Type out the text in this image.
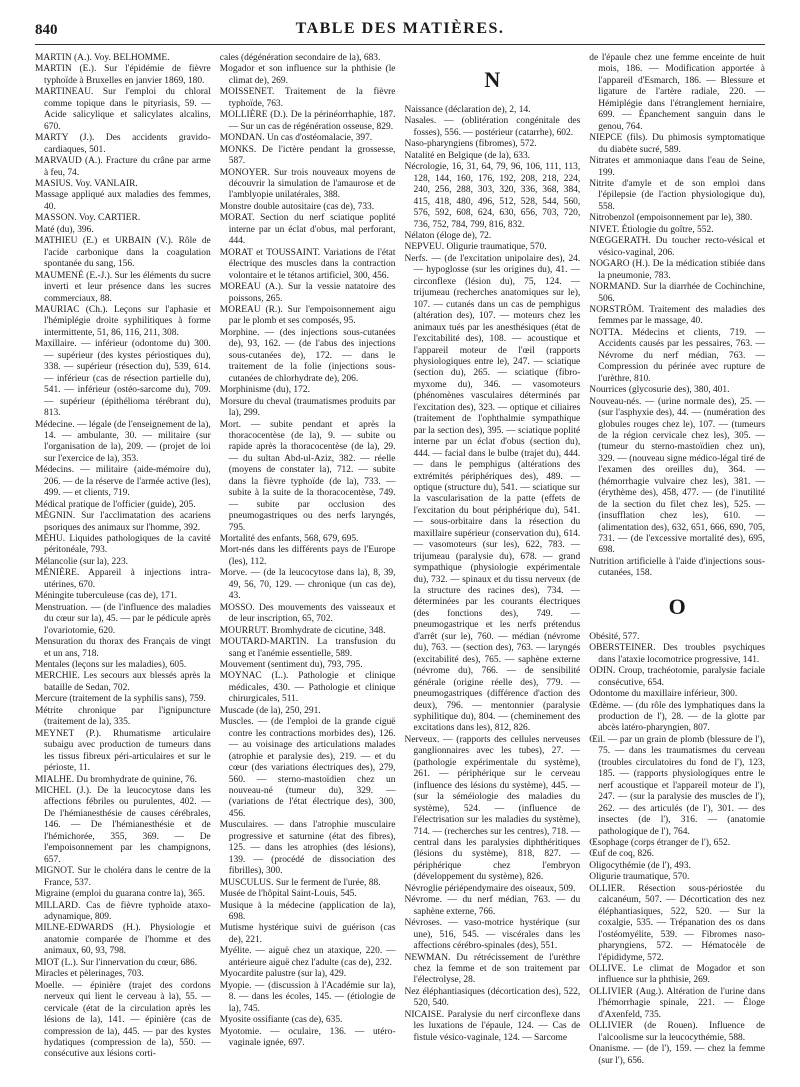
840	TABLE DES MATIÈRES.

MARTIN (A.). Voy. BELHOMME.

MARTIN (E.). Sur l'épidémie de fièvre typhoïde à Bruxelles en janvier 1869, 180.

MARTINEAU. Sur l'emploi du chloral comme topique dans le pityriasis, 59. — Acide salicylique et salicylates alcalins, 670.

MARTY (J.). Des accidents gravido-cardiaques, 501.

MARVAUD (A.). Fracture du crâne par arme à feu, 74.

MASIUS. Voy. VANLAIR.

Massage appliqué aux maladies des femmes, 40.

MASSON. Voy. CARTIER.

Maté (du), 396.

MATHIEU (E.) et URBAIN (V.). Rôle de l'acide carbonique dans la coagulation spontanée du sang, 156.

MAUMENÉ (E.-J.). Sur les éléments du sucre inverti et leur présence dans les sucres commerciaux, 88.

MAURIAC (Ch.). Leçons sur l'aphasie et l'hémiplégie droite syphilitiques à forme intermittente, 51, 86, 116, 211, 308.

Maxillaire. — inférieur (odontome du) 300. — supérieur (des kystes périostiques du), 338. — supérieur (résection du), 539, 614. — inférieur (cas de résection partielle du), 541. — inférieur (ostéo-sarcome du), 709. — supérieur (épithélioma térébrant du), 813.

Médecine. — légale (de l'enseignement de la), 14. — ambulante, 30. — militaire (sur l'organisation de la), 209. — (projet de loi sur l'exercice de la), 353.

Médecins. — militaire (aide-mémoire du), 206. — de la réserve de l'armée active (les), 499. — et clients, 719.

Médical pratique de l'officier (guide), 205.

MÉGNIN. Sur l'acclimatation des acariens psoriques des animaux sur l'homme, 392.

MÉHU. Liquides pathologiques de la cavité péritonéale, 793.

Mélancolie (sur la), 223.

MÉNIÈRE. Appareil à injections intra-utérines, 670.

Méningite tuberculeuse (cas de), 171.

Menstruation. — (de l'influence des maladies du cœur sur la), 45. — par le pédicule après l'ovariotomie, 620.

Mensuration du thorax des Français de vingt et un ans, 718.

Mentales (leçons sur les maladies), 605.

MERCHIE. Les secours aux blessés après la bataille de Sedan, 702.

Mercure (traitement de la syphilis sans), 759.

Métrite chronique par l'ignipuncture (traitement de la), 335.

MEYNET (P.). Rhumatisme articulaire subaigu avec production de tumeurs dans les tissus fibreux péri-articulaires et sur le périoste, 11.

MIALHE. Du bromhydrate de quinine, 76.

MICHEL (J.). De la leucocytose dans les affections fébriles ou purulentes, 402. — De l'hémianesthésie de causes cérébrales, 146. — De l'hémianesthésie et de l'hémichorée, 355, 369. — De l'empoisonnement par les champignons, 657.

MIGNOT. Sur le choléra dans le centre de la France, 537.

Migraine (emploi du guarana contre la), 365.

MILLARD. Cas de fièvre typhoïde ataxo-adynamique, 809.

MILNE-EDWARDS (H.). Physiologie et anatomie comparée de l'homme et des animaux, 60, 93, 798.

MIOT (L.). Sur l'innervation du cœur, 686.

Miracles et pèlerinages, 703.

Moelle. — épinière (trajet des cordons nerveux qui lient le cerveau à la), 55. — cervicale (état de la circulation après les lésions de la), 141. — épinière (cas de compression de la), 445. — par des kystes hydatiques (compression de la), 550. — consécutive aux lésions corti-

cales (dégénération secondaire de la), 683.

Mogador et son influence sur la phthisie (le climat de), 269.

MOISSENET. Traitement de la fièvre typhoïde, 763.

MOLLIÈRE (D.). De la périnéorrhaphie, 187. — Sur un cas de régénération osseuse, 829.

MONDAN. Un cas d'ostéomalacie, 397.

MONKS. De l'ictère pendant la grossesse, 587.

MONOYER. Sur trois nouveaux moyens de découvrir la simulation de l'amaurose et de l'amblyopie unilatérales, 388.

Monstre double autositaire (cas de), 733.

MORAT. Section du nerf sciatique poplité interne par un éclat d'obus, mal perforant, 444.

MORAT et TOUSSAINT. Variations de l'état électrique des muscles dans la contraction volontaire et le tétanos artificiel, 300, 456.

MOREAU (A.). Sur la vessie natatoire des poissons, 265.

MOREAU (R.). Sur l'empoisonnement aigu par le plomb et ses composés, 95.

Morphine. — (des injections sous-cutanées de), 93, 162. — (de l'abus des injections sous-cutanées de), 172. — dans le traitement de la folie (injections sous-cutanées de chlorhydrate de), 206.

Morphinisme (du), 172.

Morsure du cheval (traumatismes produits par la), 299.

Mort. — subite pendant et après la thoracocentèse (de la), 9. — subite ou rapide après la thoracocentèse (de la), 29. — du sultan Abd-ul-Aziz, 382. — réelle (moyens de constater la), 712. — subite dans la fièvre typhoïde (de la), 733. — subite à la suite de la thoracocentèse, 749. — subite par occlusion des pneumogastriques ou des nerfs laryngés, 795.

Mortalité des enfants, 568, 679, 695.

Mort-nés dans les différents pays de l'Europe (les), 112.

Morve. — (de la leucocytose dans la), 8, 39, 49, 56, 70, 129. — chronique (un cas de), 43.

MOSSO. Des mouvements des vaisseaux et de leur inscription, 65, 702.

MOURRUT. Bromhydrate de cicutine, 348.

MOUTARD-MARTIN. La transfusion du sang et l'anémie essentielle, 589.

Mouvement (sentiment du), 793, 795.

MOYNAC (L.). Pathologie et clinique médicales, 430. — Pathologie et clinique chirurgicales, 511.

Muscade (de la), 250, 291.

Muscles. — (de l'emploi de la grande ciguë contre les contractions morbides des), 126. — au voisinage des articulations malades (atrophie et paralysie des), 219. — et du cœur (des variations électriques des), 279, 560. — sterno-mastoïdien chez un nouveau-né (tumeur du), 329. — (variations de l'état électrique des), 300, 456.

Musculaires. — dans l'atrophie musculaire progressive et saturnine (état des fibres), 125. — dans les atrophies (des lésions), 139. — (procédé de dissociation des fibrilles), 300.

MUSCULUS. Sur le ferment de l'urée, 88.

Musée de l'hôpital Saint-Louis, 545.

Musique à la médecine (application de la), 698.

Mutisme hystérique suivi de guérison (cas de), 221.

Myélite. — aiguë chez un ataxique, 220. — antérieure aiguë chez l'adulte (cas de), 232.

Myocardite palustre (sur la), 429.

Myopie. — (discussion à l'Académie sur la), 8. — dans les écoles, 145. — (étiologie de la), 745.

Myosite ossifiante (cas de), 635.

Myotomie. — oculaire, 136. — utéro-vaginale ignée, 697.

N

Naissance (déclaration de), 2, 14.

Nasales. — (oblitération congénitale des fosses), 556. — postérieur (catarrhe), 602.

Naso-pharyngiens (fibromes), 572.

Natalité en Belgique (de la), 633.

Nécrologie, 16, 31, 64, 79, 96, 106, 111, 113, 128, 144, 160, 176, 192, 208, 218, 224, 240, 256, 288, 303, 320, 336, 368, 384, 415, 418, 480, 496, 512, 528, 544, 560, 576, 592, 608, 624, 630, 656, 703, 720, 736, 752, 784, 799, 816, 832.

Nélaton (éloge de), 72.

NEPVEU. Oligurie traumatique, 570.

Nerfs. — (de l'excitation unipolaire des), 24. — hypoglosse (sur les origines du), 41. — circonflexe (lésion du), 75, 124. — trijumeau (recherches anatomiques sur le), 107. — cutanés dans un cas de pemphigus (altération des), 107. — moteurs chez les animaux tués par les anesthésiques (état de l'excitabilité des), 108. — acoustique et l'appareil moteur de l'œil (rapports physiologiques entre le), 247. — sciatique (section du), 265. — sciatique (fibro-myxome du), 346. — vasomoteurs (phénomènes vasculaires déterminés par l'excitation des), 323. — optique et ciliaires (traitement de l'ophthalmie sympathique par la section des), 395. — sciatique poplité interne par un éclat d'obus (section du), 444. — facial dans le bulbe (trajet du), 444. — dans le pemphigus (altérations des extrémités périphériques des), 489. — optique (structure du), 541. — sciatique sur la vascularisation de la patte (effets de l'excitation du bout périphérique du), 541. — sous-orbitaire dans la résection du maxillaire supérieur (conservation du), 614. — vasomoteurs (sur les), 622, 783. — trijumeau (paralysie du), 678. — grand sympathique (physiologie expérimentale du), 732. — spinaux et du tissu nerveux (de la structure des racines des), 734. — déterminées par les courants électriques (des fonctions des), 749. — pneumogastrique et les nerfs prétendus d'arrêt (sur le), 760. — médian (névrome du), 763. — (section des), 763. — laryngés (excitabilité des), 765. — saphène externe (névrome du), 766. — de sensibilité générale (origine réelle des), 779. — pneumogastriques (différence d'action des deux), 796. — mentonnier (paralysie syphilitique du), 804. — (cheminement des excitations dans les), 812, 826.

Nerveux. — (rapports des cellules nerveuses ganglionnaires avec les tubes), 27. — (pathologie expérimentale du système), 261. — périphérique sur le cerveau (influence des lésions du système), 445. — (sur la séméiologie des maladies du système), 524. — (influence de l'électrisation sur les maladies du système), 714. — (recherches sur les centres), 718. — central dans les paralysies diphthéritiques (lésions du système), 818, 827. — périphérique chez l'embryon (développement du système), 826.

Névroglie périépendymaire des oiseaux, 509.

Névrome. — du nerf médian, 763. — du saphène externe, 766.

Névroses. — vaso-motrice hystérique (sur une), 516, 545. — viscérales dans les affections cérébro-spinales (des), 551.

NEWMAN. Du rétrécissement de l'urèthre chez la femme et de son traitement par l'électrolyse, 28.

Nez éléphantiasiques (décortication des), 522, 520, 540.

NICAISE. Paralysie du nerf circonflexe dans les luxations de l'épaule, 124. — Cas de fistule vésico-vaginale, 124. — Sarcome

de l'épaule chez une femme enceinte de huit mois, 186. — Modification apportée à l'appareil d'Esmarch, 186. — Blessure et ligature de l'artère radiale, 220. — Hémiplégie dans l'étranglement herniaire, 699. — Épanchement sanguin dans le genou, 764.

NIEPCE (fils). Du phimosis symptomatique du diabète sucré, 589.

Nitrates et ammoniaque dans l'eau de Seine, 199.

Nitrite d'amyle et de son emploi dans l'épilepsie (de l'action physiologique du), 558.

Nitrobenzol (empoisonnement par le), 380.

NIVET. Étiologie du goître, 552.

NŒGGERATH. Du toucher recto-vésical et vésico-vaginal, 206.

NOGARO (H.). De la médication stibiée dans la pneumonie, 783.

NORMAND. Sur la diarrhée de Cochinchine, 506.

NORSTRÖM. Traitement des maladies des femmes par le massage, 40.

NOTTA. Médecins et clients, 719. — Accidents causés par les pessaires, 763. — Névrome du nerf médian, 763. — Compression du périnée avec rupture de l'urèthre, 810.

Nourrices (glycosurie des), 380, 401.

Nouveau-nés. — (urine normale des), 25. — (sur l'asphyxie des), 44. — (numération des globules rouges chez le), 107. — (tumeurs de la région cervicale chez les), 305. — (tumeur du sterno-mastoïdien chez un), 329. — (nouveau signe médico-légal tiré de l'examen des oreilles du), 364. — (hémorrhagie vulvaire chez les), 381. — (érythème des), 458, 477. — (de l'inutilité de la section du filet chez les), 525. — (insufflation chez les), 610. — (alimentation des), 632, 651, 666, 690, 705, 731. — (de l'excessive mortalité des), 695, 698.

Nutrition artificielle à l'aide d'injections sous-cutanées, 158.

O

Obésité, 577.

OBERSTEINER. Des troubles psychiques dans l'ataxie locomotrice progressive, 141.

ODIN. Croup, trachéotomie, paralysie faciale consécutive, 654.

Odontome du maxillaire inférieur, 300.

Œdème. — (du rôle des lymphatiques dans la production de l'), 28. — de la glotte par abcès latéro-pharyngien, 807.

Œil. — par un grain de plomb (blessure de l'), 75. — dans les traumatismes du cerveau (troubles circulatoires du fond de l'), 123, 185. — (rapports physiologiques entre le nerf acoustique et l'appareil moteur de l'), 247. — (sur la paralysie des muscles de l'), 262. — des articulés (de l'), 301. — des insectes (de l'), 316. — (anatomie pathologique de l'), 764.

Œsophage (corps étranger de l'), 652.

Œuf de coq, 826.

Oligocythémie (de l'), 493.

Oligurie traumatique, 570.

OLLIER. Résection sous-périostée du calcanéum, 507. — Décortication des nez éléphantiasiques, 522, 520. — Sur la coxalgie, 535. — Trépanation des os dans l'ostéomyélite, 539. — Fibromes naso-pharyngiens, 572. — Hématocèle de l'épididyme, 572.

OLLIVE. Le climat de Mogador et son influence sur la phthisie, 269.

OLLIVIER (Aug.). Altération de l'urine dans l'hémorrhagie spinale, 221. — Éloge d'Axenfeld, 735.

OLLIVIER (de Rouen). Influence de l'alcoolisme sur la leucocythémie, 588.

Onanisme. — (de l'), 159. — chez la femme (sur l'), 656.
